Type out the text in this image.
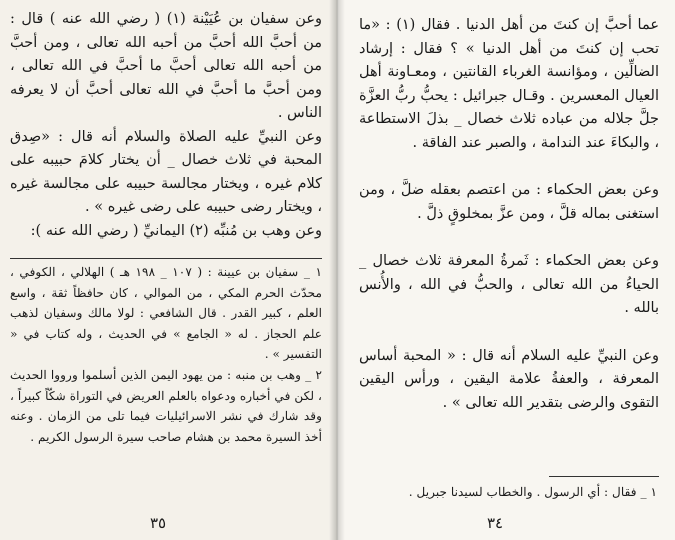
وعن سفيان بن عُيَيْنة (١) ( رضي الله عنه ) قال : من أحبَّ الله أحبَّ من أحبه الله تعالى ، ومن أحبَّ من أحبه الله تعالى أحبَّ ما أحبَّ في الله تعالى ، ومن أحبَّ ما أحبَّ في الله تعالى أحبَّ أن لا يعرفه الناس .

وعن النبيِّ عليه الصلاة والسلام أنه قال : «صِدق المحبة في ثلاث خصال _ أن يختار كلامَ حبيبه على كلام غيره ، ويختار مجالسة حبيبه على مجالسة غيره ، ويختار رضى حبيبه على رضى غيره » .

وعن وهب بن مُنبِّه (٢) اليمانيِّ ( رضي الله عنه ):

١ _ سفيان بن عيينة : ( ١٠٧ _ ١٩٨ هـ ) الهلالي ، الكوفي ، محدّث الحرم المكي ، من الموالي ، كان حافظاً ثقة ، واسع العلم ، كبير القدر . قال الشافعي : لولا مالك وسفيان لذهب علم الحجاز . له « الجامع » في الحديث ، وله كتاب في « التفسير » .

٢ _ وهب بن منبه : من يهود اليمن الذين أسلموا ورووا الحديث ، لكن في أخباره ودعواه بالعلم العريض في التوراة شكّاً كبيراً ، وقد شارك في نشر الاسرائيليات فيما تلى من الزمان . وعنه أخذ السيرة محمد بن هشام صاحب سيرة الرسول الكريم .

٣٥

عما أحبَّ إن كنتَ من أهل الدنيا . فقال (١) : «ما تحب إن كنتَ من أهل الدنيا » ؟ فقال : إرشاد الضالِّين ، ومؤانسة الغرباء القانتين ، ومعـاونة أهل العيال المعسرين . وقـال جبرائيل : يحبُّ ربُّ العزَّة جلَّ جلاله من عباده ثلاث خصال _ بذلَ الاستطاعة ، والبكاءَ عند الندامة ، والصبر عند الفاقة .

وعن بعض الحكماء : من اعتصم بعقله ضلَّ ، ومن استغنى بماله قلَّ ، ومن عزَّ بمخلوقٍ ذلَّ .

وعن بعض الحكماء : ثَمرةُ المعرفة ثلاث خصال _ الحياءُ من الله تعالى ، والحبُّ في الله ، والأُنس بالله .

وعن النبيِّ عليه السلام أنه قال : « المحبة أساس المعرفة ، والعفةُ علامة اليقين ، ورأس اليقين التقوى والرضى بتقدير الله تعالى » .

١ _ فقال : أي الرسول . والخطاب لسيدنا جبريل .

٣٤
